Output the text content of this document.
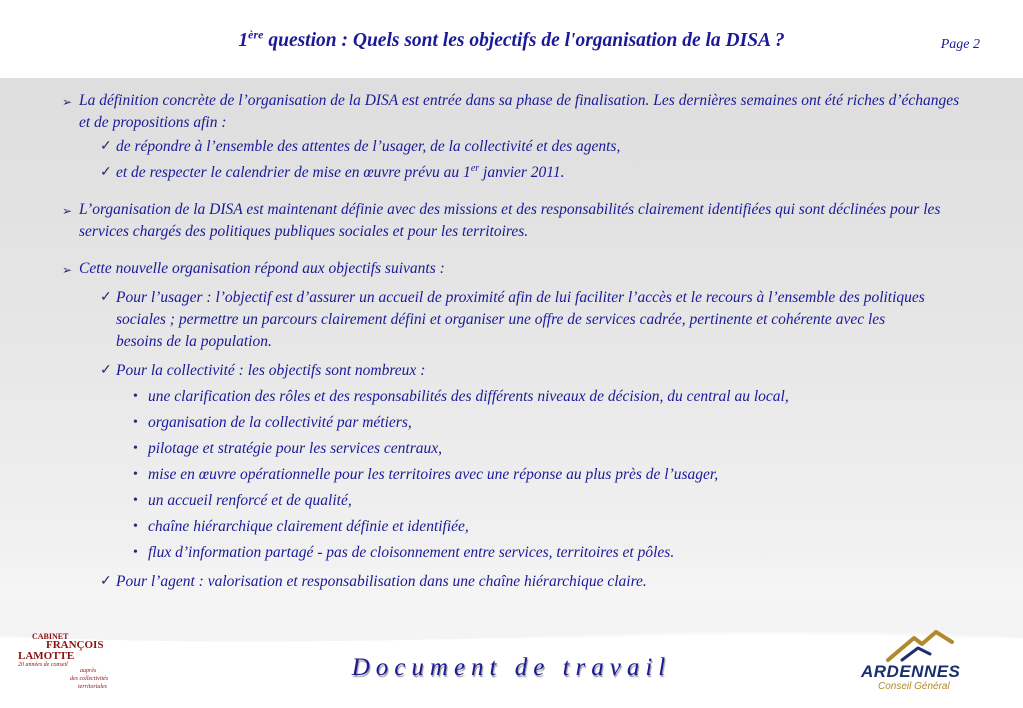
1ère question : Quels sont les objectifs de l'organisation de la DISA ?	Page 2
➢ La définition concrète de l’organisation de la DISA est entrée dans sa phase de finalisation. Les dernières semaines ont été riches d’échanges et de propositions afin :
✓ de répondre à l’ensemble des attentes de l’usager, de la collectivité et des agents,
✓ et de respecter le calendrier de mise en œuvre prévu au 1er janvier 2011.
➢ L’organisation de la DISA est maintenant définie avec des missions et des responsabilités clairement identifiées qui sont déclinées pour les services chargés des politiques publiques sociales et pour les territoires.
➢ Cette nouvelle organisation répond aux objectifs suivants :
✓ Pour l’usager : l’objectif est d’assurer un accueil de proximité afin de lui faciliter l’accès et le recours à l’ensemble des politiques sociales ; permettre un parcours clairement défini et organiser une offre de services cadrée, pertinente et cohérente avec les besoins de la population.
✓ Pour la collectivité : les objectifs sont nombreux :
• une clarification des rôles et des responsabilités des différents niveaux de décision, du central au local,
• organisation de la collectivité par métiers,
• pilotage et stratégie pour les services centraux,
• mise en œuvre opérationnelle pour les territoires avec une réponse au plus près de l’usager,
• un accueil renforcé et de qualité,
• chaîne hiérarchique clairement définie et identifiée,
• flux d’information partagé - pas de cloisonnement entre services, territoires et pôles.
✓ Pour l’agent : valorisation et responsabilisation dans une chaîne hiérarchique claire.
Document de travail
CABINET
FRANÇOIS
LAMOTTE
20 années de conseil
auprès
des collectivités
territoriales
ARDENNES
Conseil Général
